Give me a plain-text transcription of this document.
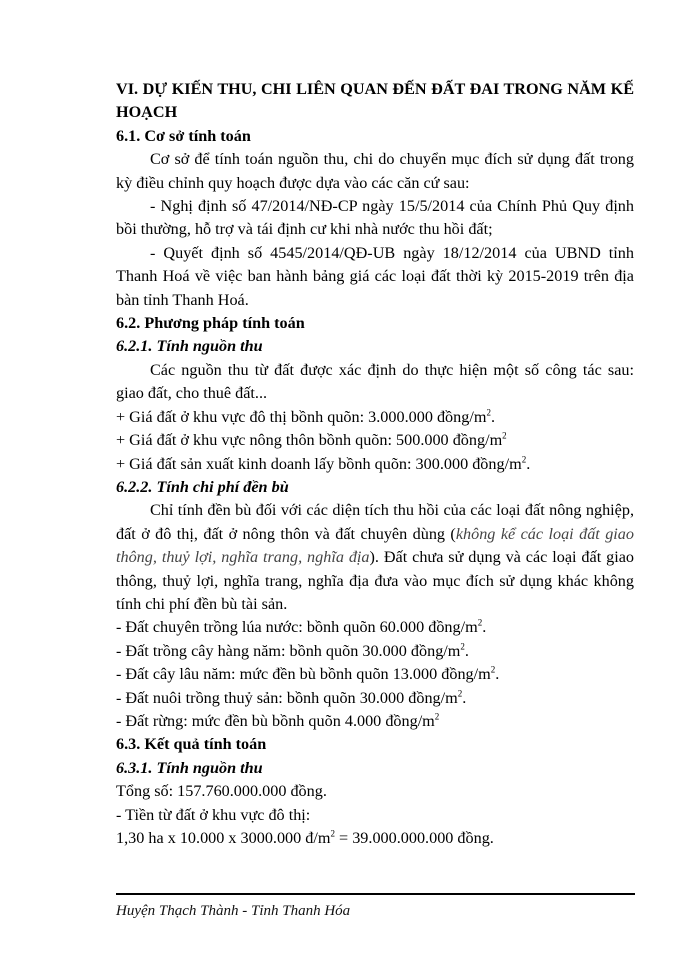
VI. DỰ KIẾN THU, CHI LIÊN QUAN ĐẾN ĐẤT ĐAI TRONG NĂM KẾ HOẠCH

6.1. Cơ sở tính toán

Cơ sở để tính toán nguồn thu, chi do chuyển mục đích sử dụng đất trong kỳ điều chỉnh quy hoạch được dựa vào các căn cứ sau:

- Nghị định số 47/2014/NĐ-CP ngày 15/5/2014 của Chính Phủ Quy định bồi thường, hỗ trợ và tái định cư khi nhà nước thu hồi đất;

- Quyết định số 4545/2014/QĐ-UB ngày 18/12/2014 của UBND tỉnh Thanh Hoá về việc ban hành bảng giá các loại đất thời kỳ 2015-2019 trên địa bàn tỉnh Thanh Hoá.

6.2. Phương pháp tính toán

6.2.1. Tính nguồn thu

Các nguồn thu từ đất được xác định do thực hiện một số công tác sau: giao đất, cho thuê đất...

+ Giá đất ở khu vực đô thị bồnh quõn: 3.000.000 đồng/$m^2$.

+ Giá đất ở khu vực nông thôn bồnh quõn: 500.000 đồng/$m^2$

+ Giá đất sản xuất kinh doanh lấy bồnh quõn: 300.000 đồng/$m^2$.

6.2.2. Tính chi phí đền bù

Chỉ tính đền bù đối với các diện tích thu hồi của các loại đất nông nghiệp, đất ở đô thị, đất ở nông thôn và đất chuyên dùng (không kể các loại đất giao thông, thuỷ lợi, nghĩa trang, nghĩa địa). Đất chưa sử dụng và các loại đất giao thông, thuỷ lợi, nghĩa trang, nghĩa địa đưa vào mục đích sử dụng khác không tính chi phí đền bù tài sản.

- Đất chuyên trồng lúa nước: bồnh quõn 60.000 đồng/$m^2$.

- Đất trồng cây hàng năm: bồnh quõn 30.000 đồng/$m^2$.

- Đất cây lâu năm: mức đền bù bồnh quõn 13.000 đồng/$m^2$.

- Đất nuôi trồng thuỷ sản: bồnh quõn 30.000 đồng/$m^2$.

- Đất rừng: mức đền bù bồnh quõn 4.000 đồng/$m^2$

6.3. Kết quả tính toán

6.3.1. Tính nguồn thu

Tổng số: 157.760.000.000 đồng.

- Tiền từ đất ở khu vực đô thị:

1,30 ha x 10.000 x 3000.000 $đ/m^2 = 39.000.000.000$ đồng.

Huyện Thạch Thành - Tỉnh Thanh Hóa
